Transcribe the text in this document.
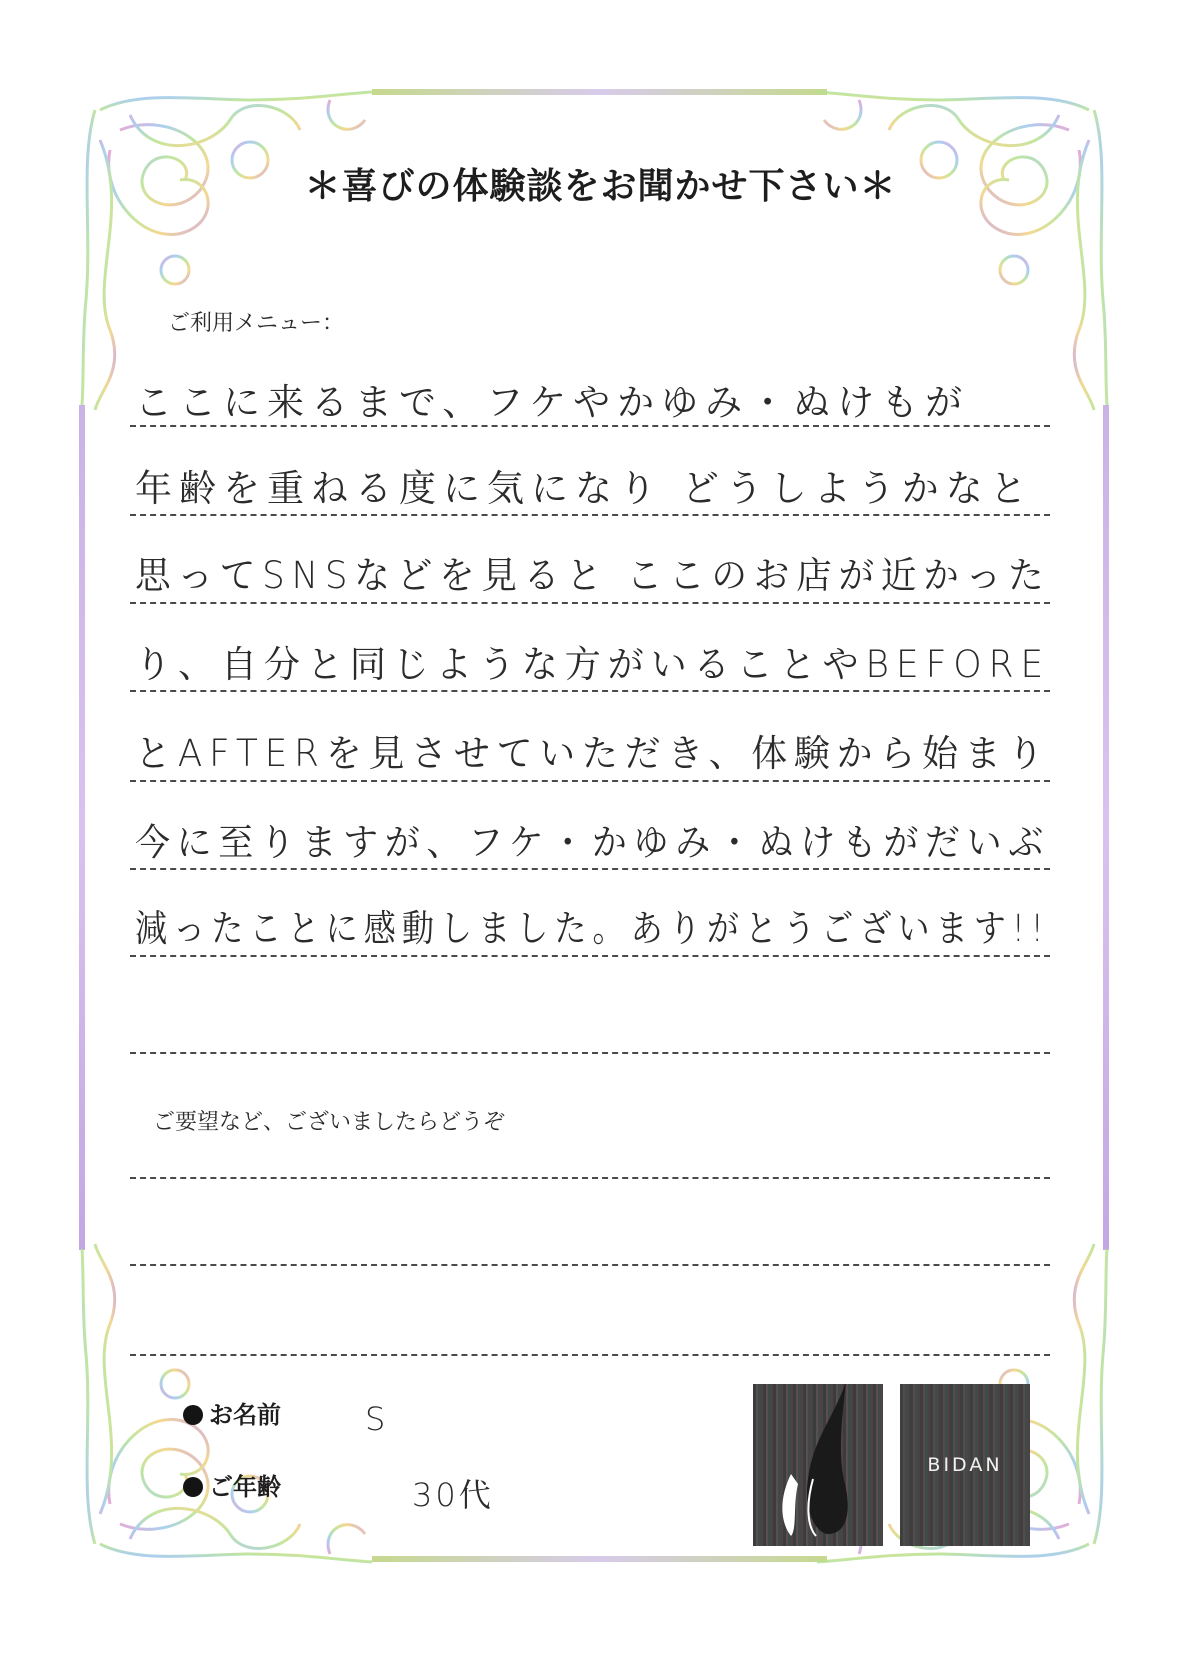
＊喜びの体験談をお聞かせ下さい＊
ご利用メニュー：
ここに来るまで、フケやかゆみ・ぬけもが
年齢を重ねる度に気になり どうしようかなと
思ってSNSなどを見ると ここのお店が近かった
り、自分と同じような方がいることやBEFORE
とAFTERを見させていただき、体験から始まり
今に至りますが、フケ・かゆみ・ぬけもがだいぶ
減ったことに感動しました。ありがとうございます!!
ご要望など、ございましたらどうぞ
お名前	S
ご年齢	30代
BIDAN
